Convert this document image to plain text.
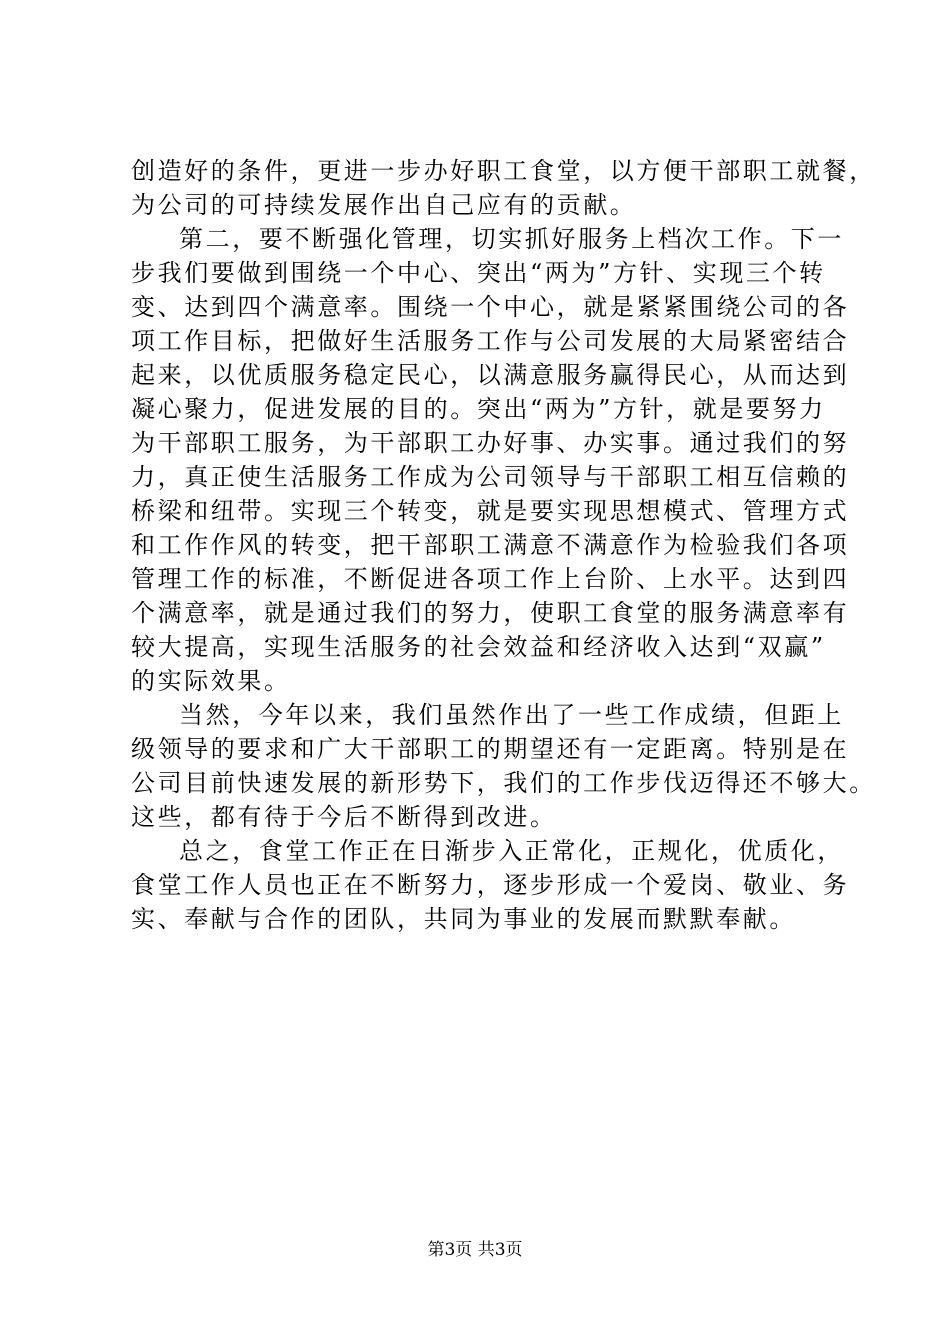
创造好的条件，更进一步办好职工食堂，以方便干部职工就餐，
为公司的可持续发展作出自己应有的贡献。
第二，要不断强化管理，切实抓好服务上档次工作。下一
步我们要做到围绕一个中心、突出“两为”方针、实现三个转
变、达到四个满意率。围绕一个中心，就是紧紧围绕公司的各
项工作目标，把做好生活服务工作与公司发展的大局紧密结合
起来，以优质服务稳定民心，以满意服务赢得民心，从而达到
凝心聚力，促进发展的目的。突出“两为”方针，就是要努力
为干部职工服务，为干部职工办好事、办实事。通过我们的努
力，真正使生活服务工作成为公司领导与干部职工相互信赖的
桥梁和纽带。实现三个转变，就是要实现思想模式、管理方式
和工作作风的转变，把干部职工满意不满意作为检验我们各项
管理工作的标准，不断促进各项工作上台阶、上水平。达到四
个满意率，就是通过我们的努力，使职工食堂的服务满意率有
较大提高，实现生活服务的社会效益和经济收入达到“双赢”
的实际效果。
当然，今年以来，我们虽然作出了一些工作成绩，但距上
级领导的要求和广大干部职工的期望还有一定距离。特别是在
公司目前快速发展的新形势下，我们的工作步伐迈得还不够大。
这些，都有待于今后不断得到改进。
总之，食堂工作正在日渐步入正常化，正规化，优质化，
食堂工作人员也正在不断努力，逐步形成一个爱岗、敬业、务
实、奉献与合作的团队，共同为事业的发展而默默奉献。
第3页 共3页
